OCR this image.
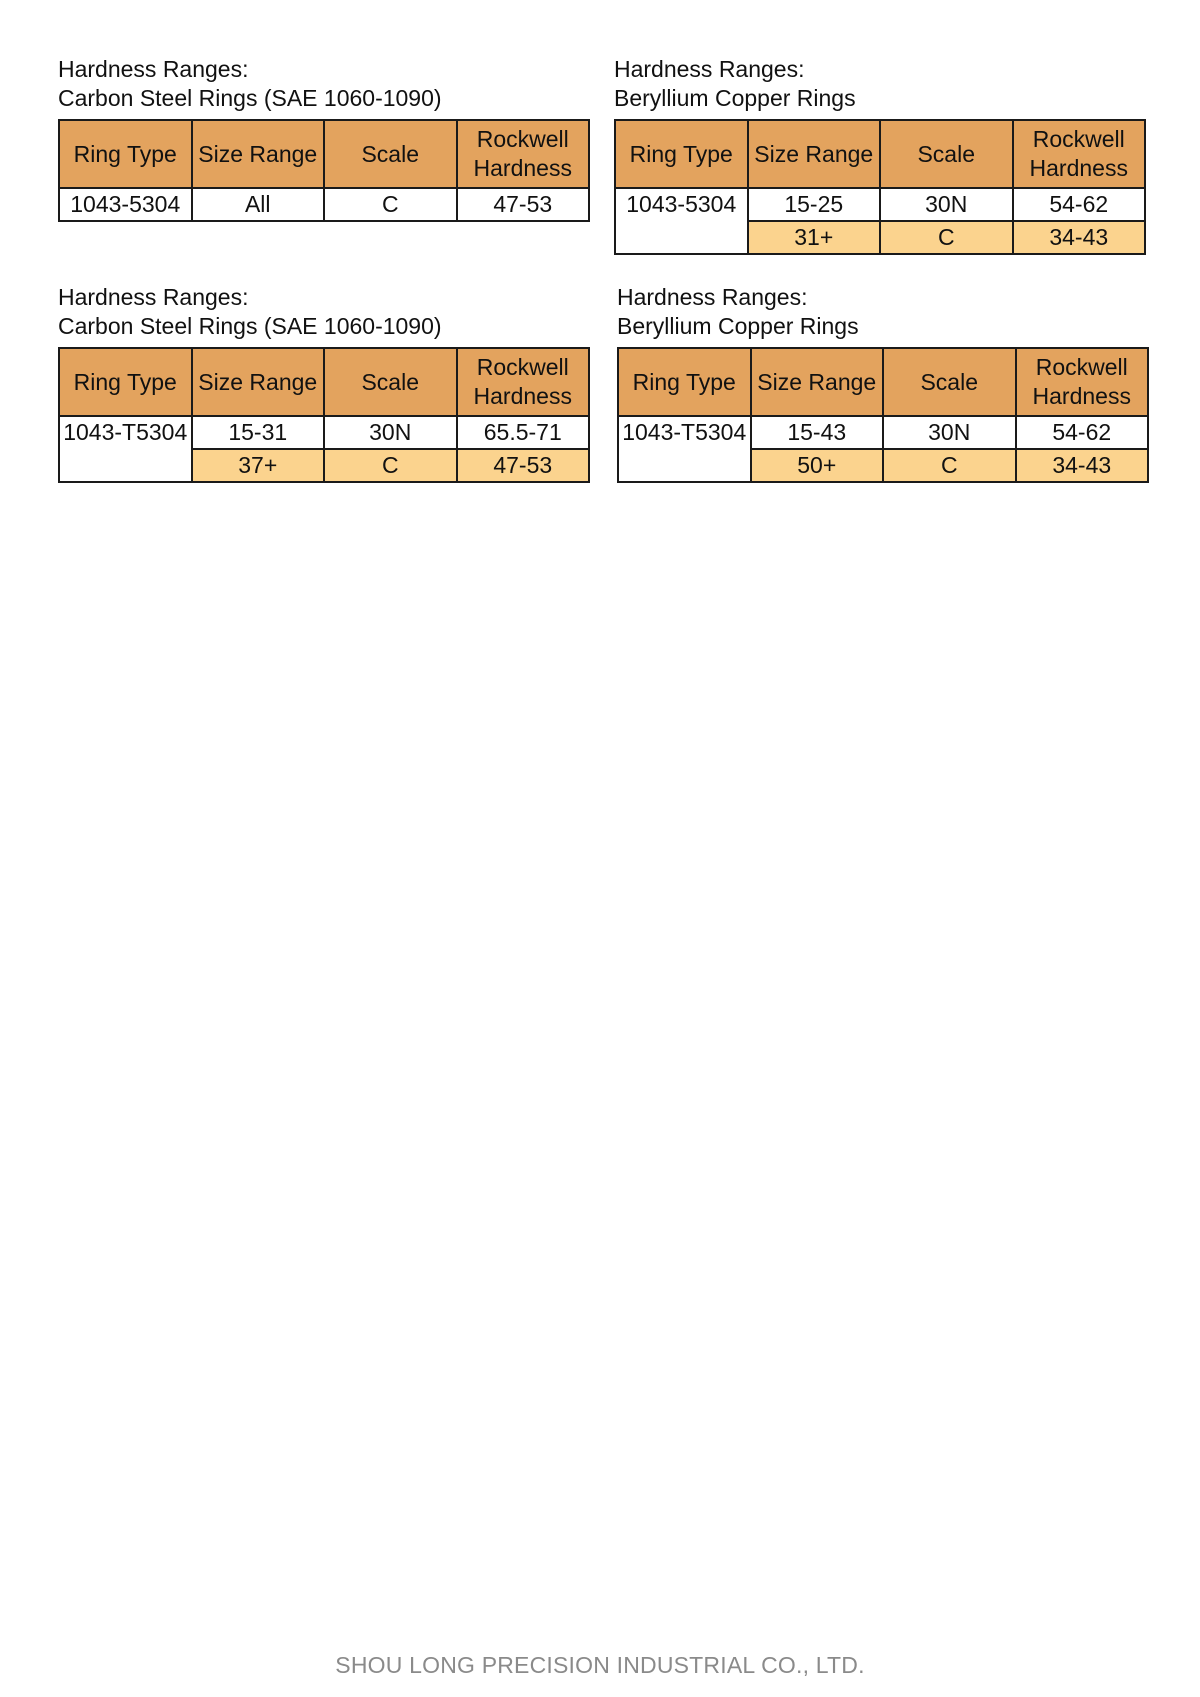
Hardness Ranges:
Carbon Steel Rings (SAE 1060-1090)
Ring Type	Size Range	Scale	Rockwell Hardness
1043-5304	All	C	47-53
Hardness Ranges:
Beryllium Copper Rings
Ring Type	Size Range	Scale	Rockwell Hardness
1043-5304	15-25	30N	54-62
	31+	C	34-43
Hardness Ranges:
Carbon Steel Rings (SAE 1060-1090)
Ring Type	Size Range	Scale	Rockwell Hardness
1043-T5304	15-31	30N	65.5-71
	37+	C	47-53
Hardness Ranges:
Beryllium Copper Rings
Ring Type	Size Range	Scale	Rockwell Hardness
1043-T5304	15-43	30N	54-62
	50+	C	34-43
SHOU LONG PRECISION INDUSTRIAL CO., LTD.
